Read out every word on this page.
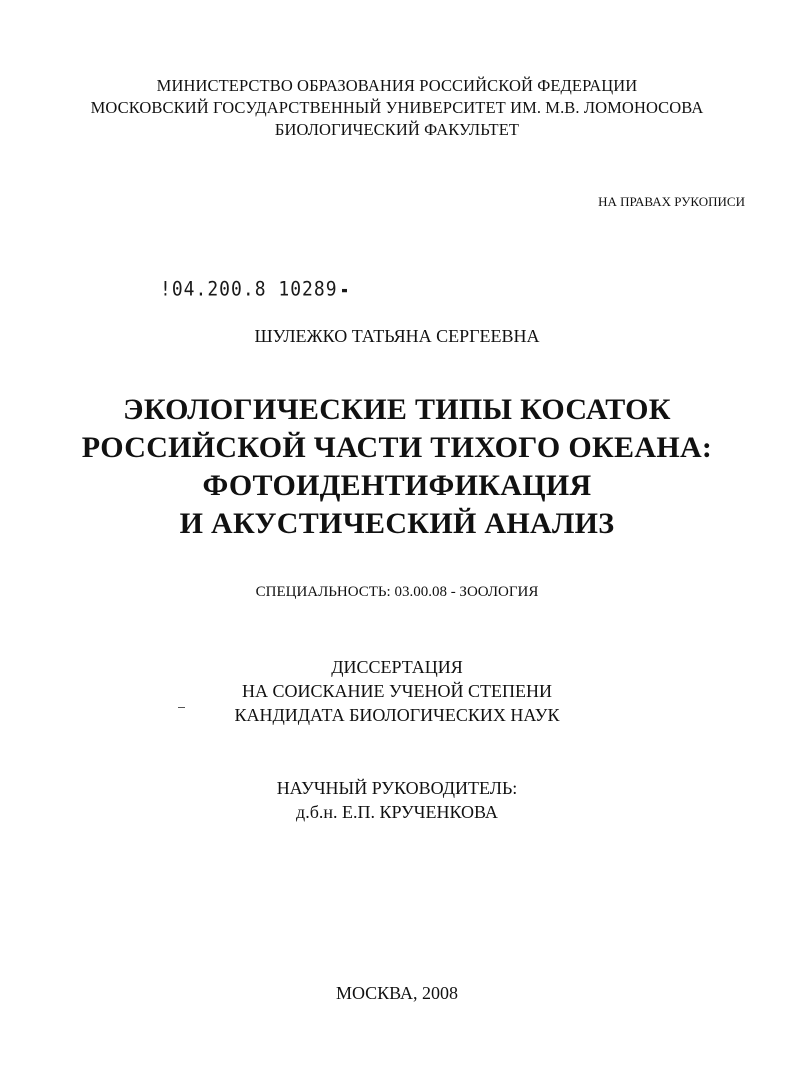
МИНИСТЕРСТВО ОБРАЗОВАНИЯ РОССИЙСКОЙ ФЕДЕРАЦИИ
МОСКОВСКИЙ ГОСУДАРСТВЕННЫЙ УНИВЕРСИТЕТ ИМ. М.В. ЛОМОНОСОВА
БИОЛОГИЧЕСКИЙ ФАКУЛЬТЕТ
НА ПРАВАХ РУКОПИСИ
!04.200.8 10289
ШУЛЕЖКО ТАТЬЯНА СЕРГЕЕВНА
ЭКОЛОГИЧЕСКИЕ ТИПЫ КОСАТОК
РОССИЙСКОЙ ЧАСТИ ТИХОГО ОКЕАНА:
ФОТОИДЕНТИФИКАЦИЯ
И АКУСТИЧЕСКИЙ АНАЛИЗ
СПЕЦИАЛЬНОСТЬ: 03.00.08 - ЗООЛОГИЯ
ДИССЕРТАЦИЯ
НА СОИСКАНИЕ УЧЕНОЙ СТЕПЕНИ
КАНДИДАТА БИОЛОГИЧЕСКИХ НАУК
НАУЧНЫЙ РУКОВОДИТЕЛЬ:
д.б.н. Е.П. КРУЧЕНКОВА
МОСКВА, 2008
